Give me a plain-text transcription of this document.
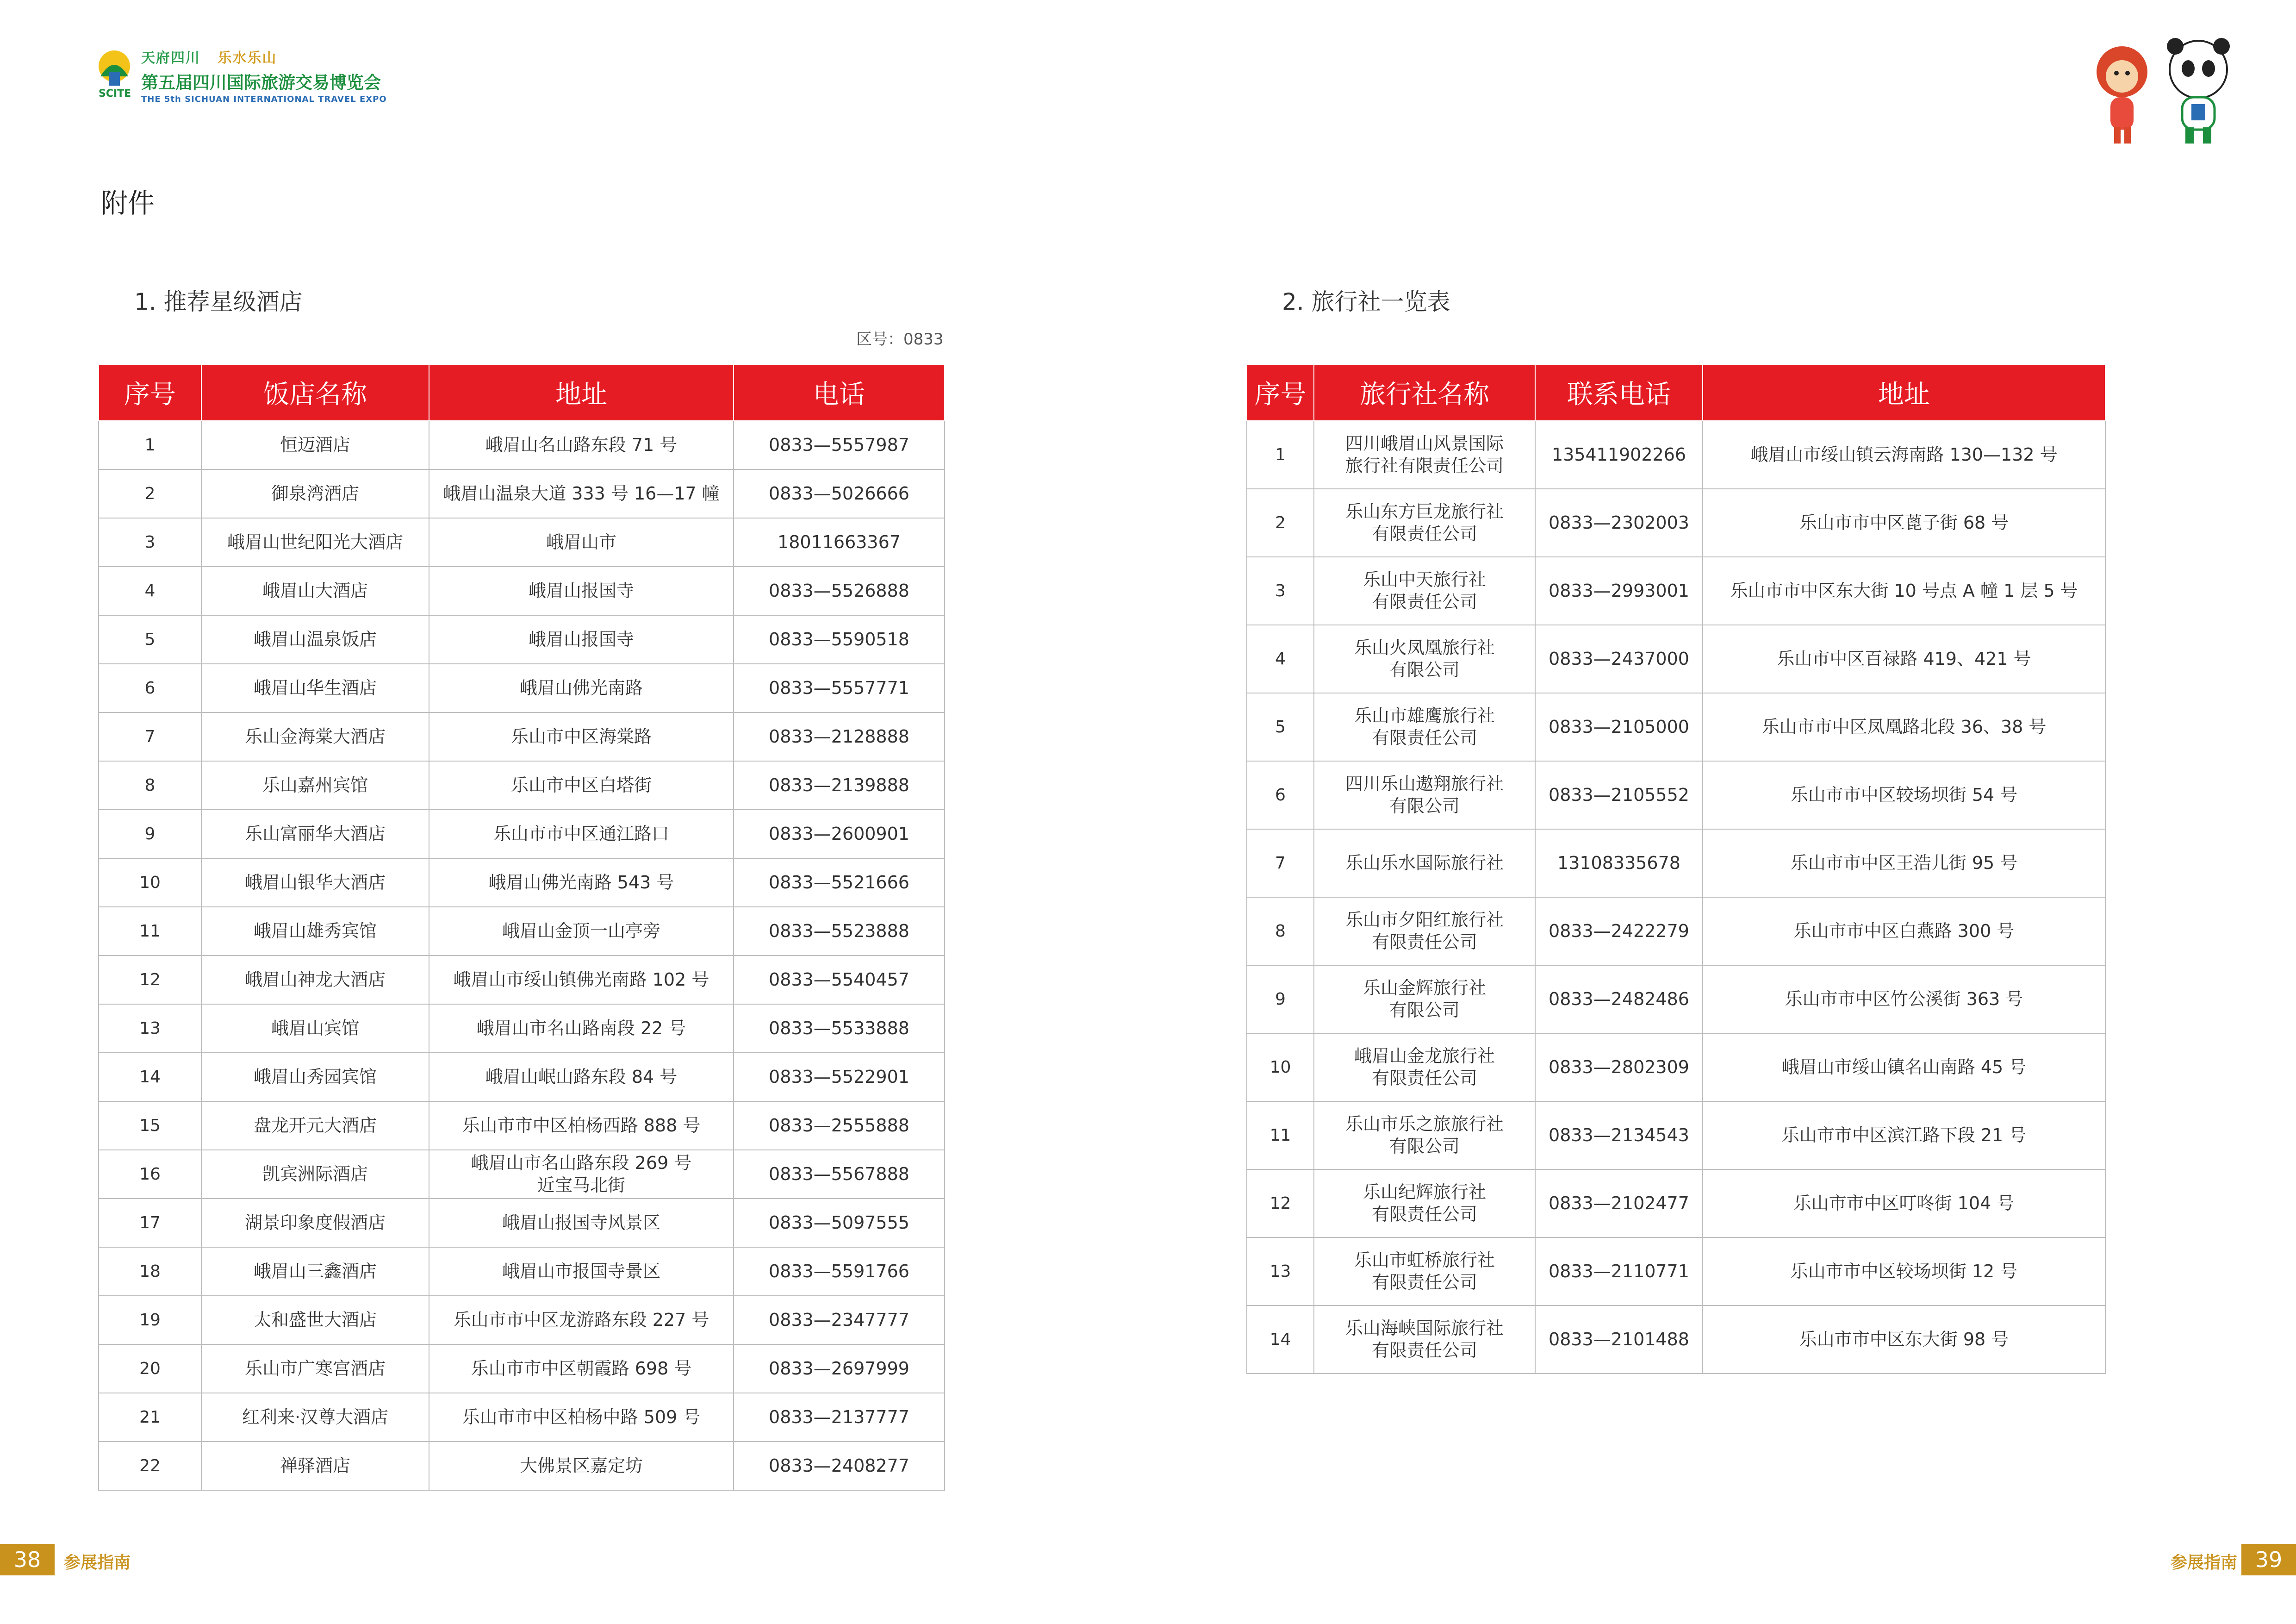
SCITE
天府四川 乐水乐山
第五届四川国际旅游交易博览会
THE 5th SICHUAN INTERNATIONAL TRAVEL EXPO
附件
1. 推荐星级酒店
区号：0833
序号	饭店名称	地址	电话
1	恒迈酒店	峨眉山名山路东段 71 号	0833—5557987
2	御泉湾酒店	峨眉山温泉大道 333 号 16—17 幢	0833—5026666
3	峨眉山世纪阳光大酒店	峨眉山市	18011663367
4	峨眉山大酒店	峨眉山报国寺	0833—5526888
5	峨眉山温泉饭店	峨眉山报国寺	0833—5590518
6	峨眉山华生酒店	峨眉山佛光南路	0833—5557771
7	乐山金海棠大酒店	乐山市中区海棠路	0833—2128888
8	乐山嘉州宾馆	乐山市中区白塔街	0833—2139888
9	乐山富丽华大酒店	乐山市市中区通江路口	0833—2600901
10	峨眉山银华大酒店	峨眉山佛光南路 543 号	0833—5521666
11	峨眉山雄秀宾馆	峨眉山金顶一山亭旁	0833—5523888
12	峨眉山神龙大酒店	峨眉山市绥山镇佛光南路 102 号	0833—5540457
13	峨眉山宾馆	峨眉山市名山路南段 22 号	0833—5533888
14	峨眉山秀园宾馆	峨眉山岷山路东段 84 号	0833—5522901
15	盘龙开元大酒店	乐山市市中区柏杨西路 888 号	0833—2555888
16	凯宾洲际酒店	峨眉山市名山路东段 269 号
近宝马北街	0833—5567888
17	湖景印象度假酒店	峨眉山报国寺风景区	0833—5097555
18	峨眉山三鑫酒店	峨眉山市报国寺景区	0833—5591766
19	太和盛世大酒店	乐山市市中区龙游路东段 227 号	0833—2347777
20	乐山市广寒宫酒店	乐山市市中区朝霞路 698 号	0833—2697999
21	红利来·汉尊大酒店	乐山市市中区柏杨中路 509 号	0833—2137777
22	禅驿酒店	大佛景区嘉定坊	0833—2408277
2. 旅行社一览表
序号	旅行社名称	联系电话	地址
1	四川峨眉山风景国际
旅行社有限责任公司	135411902266	峨眉山市绥山镇云海南路 130—132 号
2	乐山东方巨龙旅行社
有限责任公司	0833—2302003	乐山市市中区蓖子街 68 号
3	乐山中天旅行社
有限责任公司	0833—2993001	乐山市市中区东大街 10 号点 A 幢 1 层 5 号
4	乐山火凤凰旅行社
有限公司	0833—2437000	乐山市中区百禄路 419、421 号
5	乐山市雄鹰旅行社
有限责任公司	0833—2105000	乐山市市中区凤凰路北段 36、38 号
6	四川乐山遨翔旅行社
有限公司	0833—2105552	乐山市市中区较场坝街 54 号
7	乐山乐水国际旅行社	13108335678	乐山市市中区王浩儿街 95 号
8	乐山市夕阳红旅行社
有限责任公司	0833—2422279	乐山市市中区白燕路 300 号
9	乐山金辉旅行社
有限公司	0833—2482486	乐山市市中区竹公溪街 363 号
10	峨眉山金龙旅行社
有限责任公司	0833—2802309	峨眉山市绥山镇名山南路 45 号
11	乐山市乐之旅旅行社
有限公司	0833—2134543	乐山市市中区滨江路下段 21 号
12	乐山纪辉旅行社
有限责任公司	0833—2102477	乐山市市中区叮咚街 104 号
13	乐山市虹桥旅行社
有限责任公司	0833—2110771	乐山市市中区较场坝街 12 号
14	乐山海峡国际旅行社
有限责任公司	0833—2101488	乐山市市中区东大街 98 号
38	参展指南	参展指南 39
